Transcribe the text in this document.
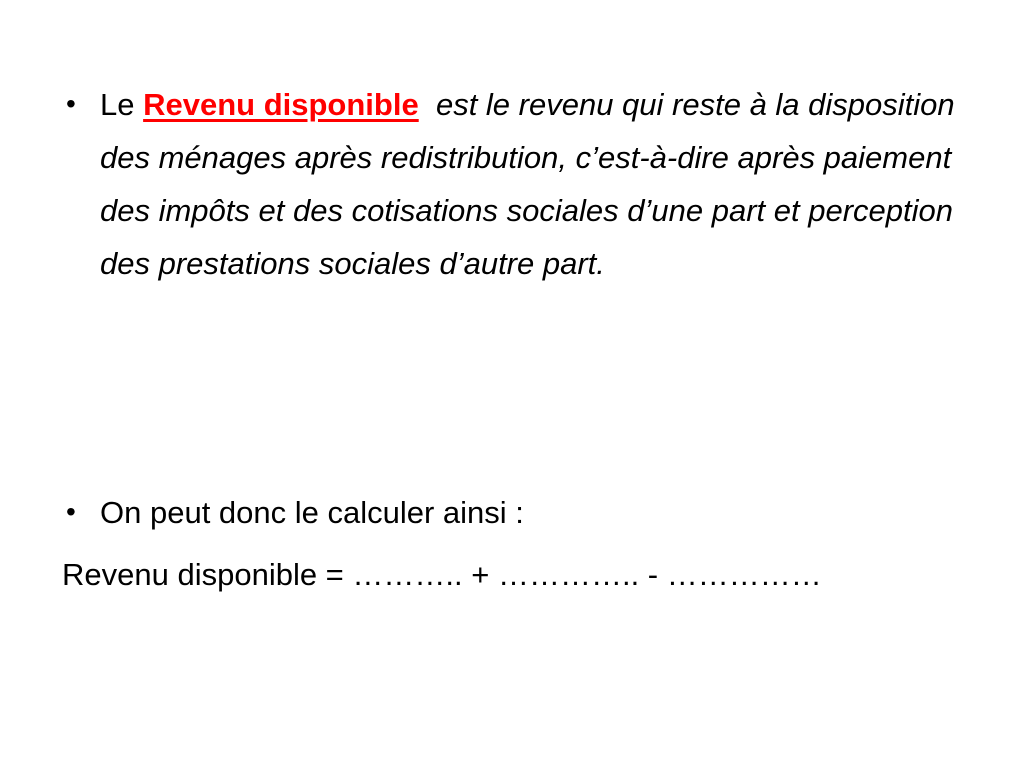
• Le Revenu disponible est le revenu qui reste à la disposition des ménages après redistribution, c’est-à-dire après paiement des impôts et des cotisations sociales d’une part et perception des prestations sociales d’autre part.
• On peut donc le calculer ainsi :
Revenu disponible = ……….. + ………….. - ……………
